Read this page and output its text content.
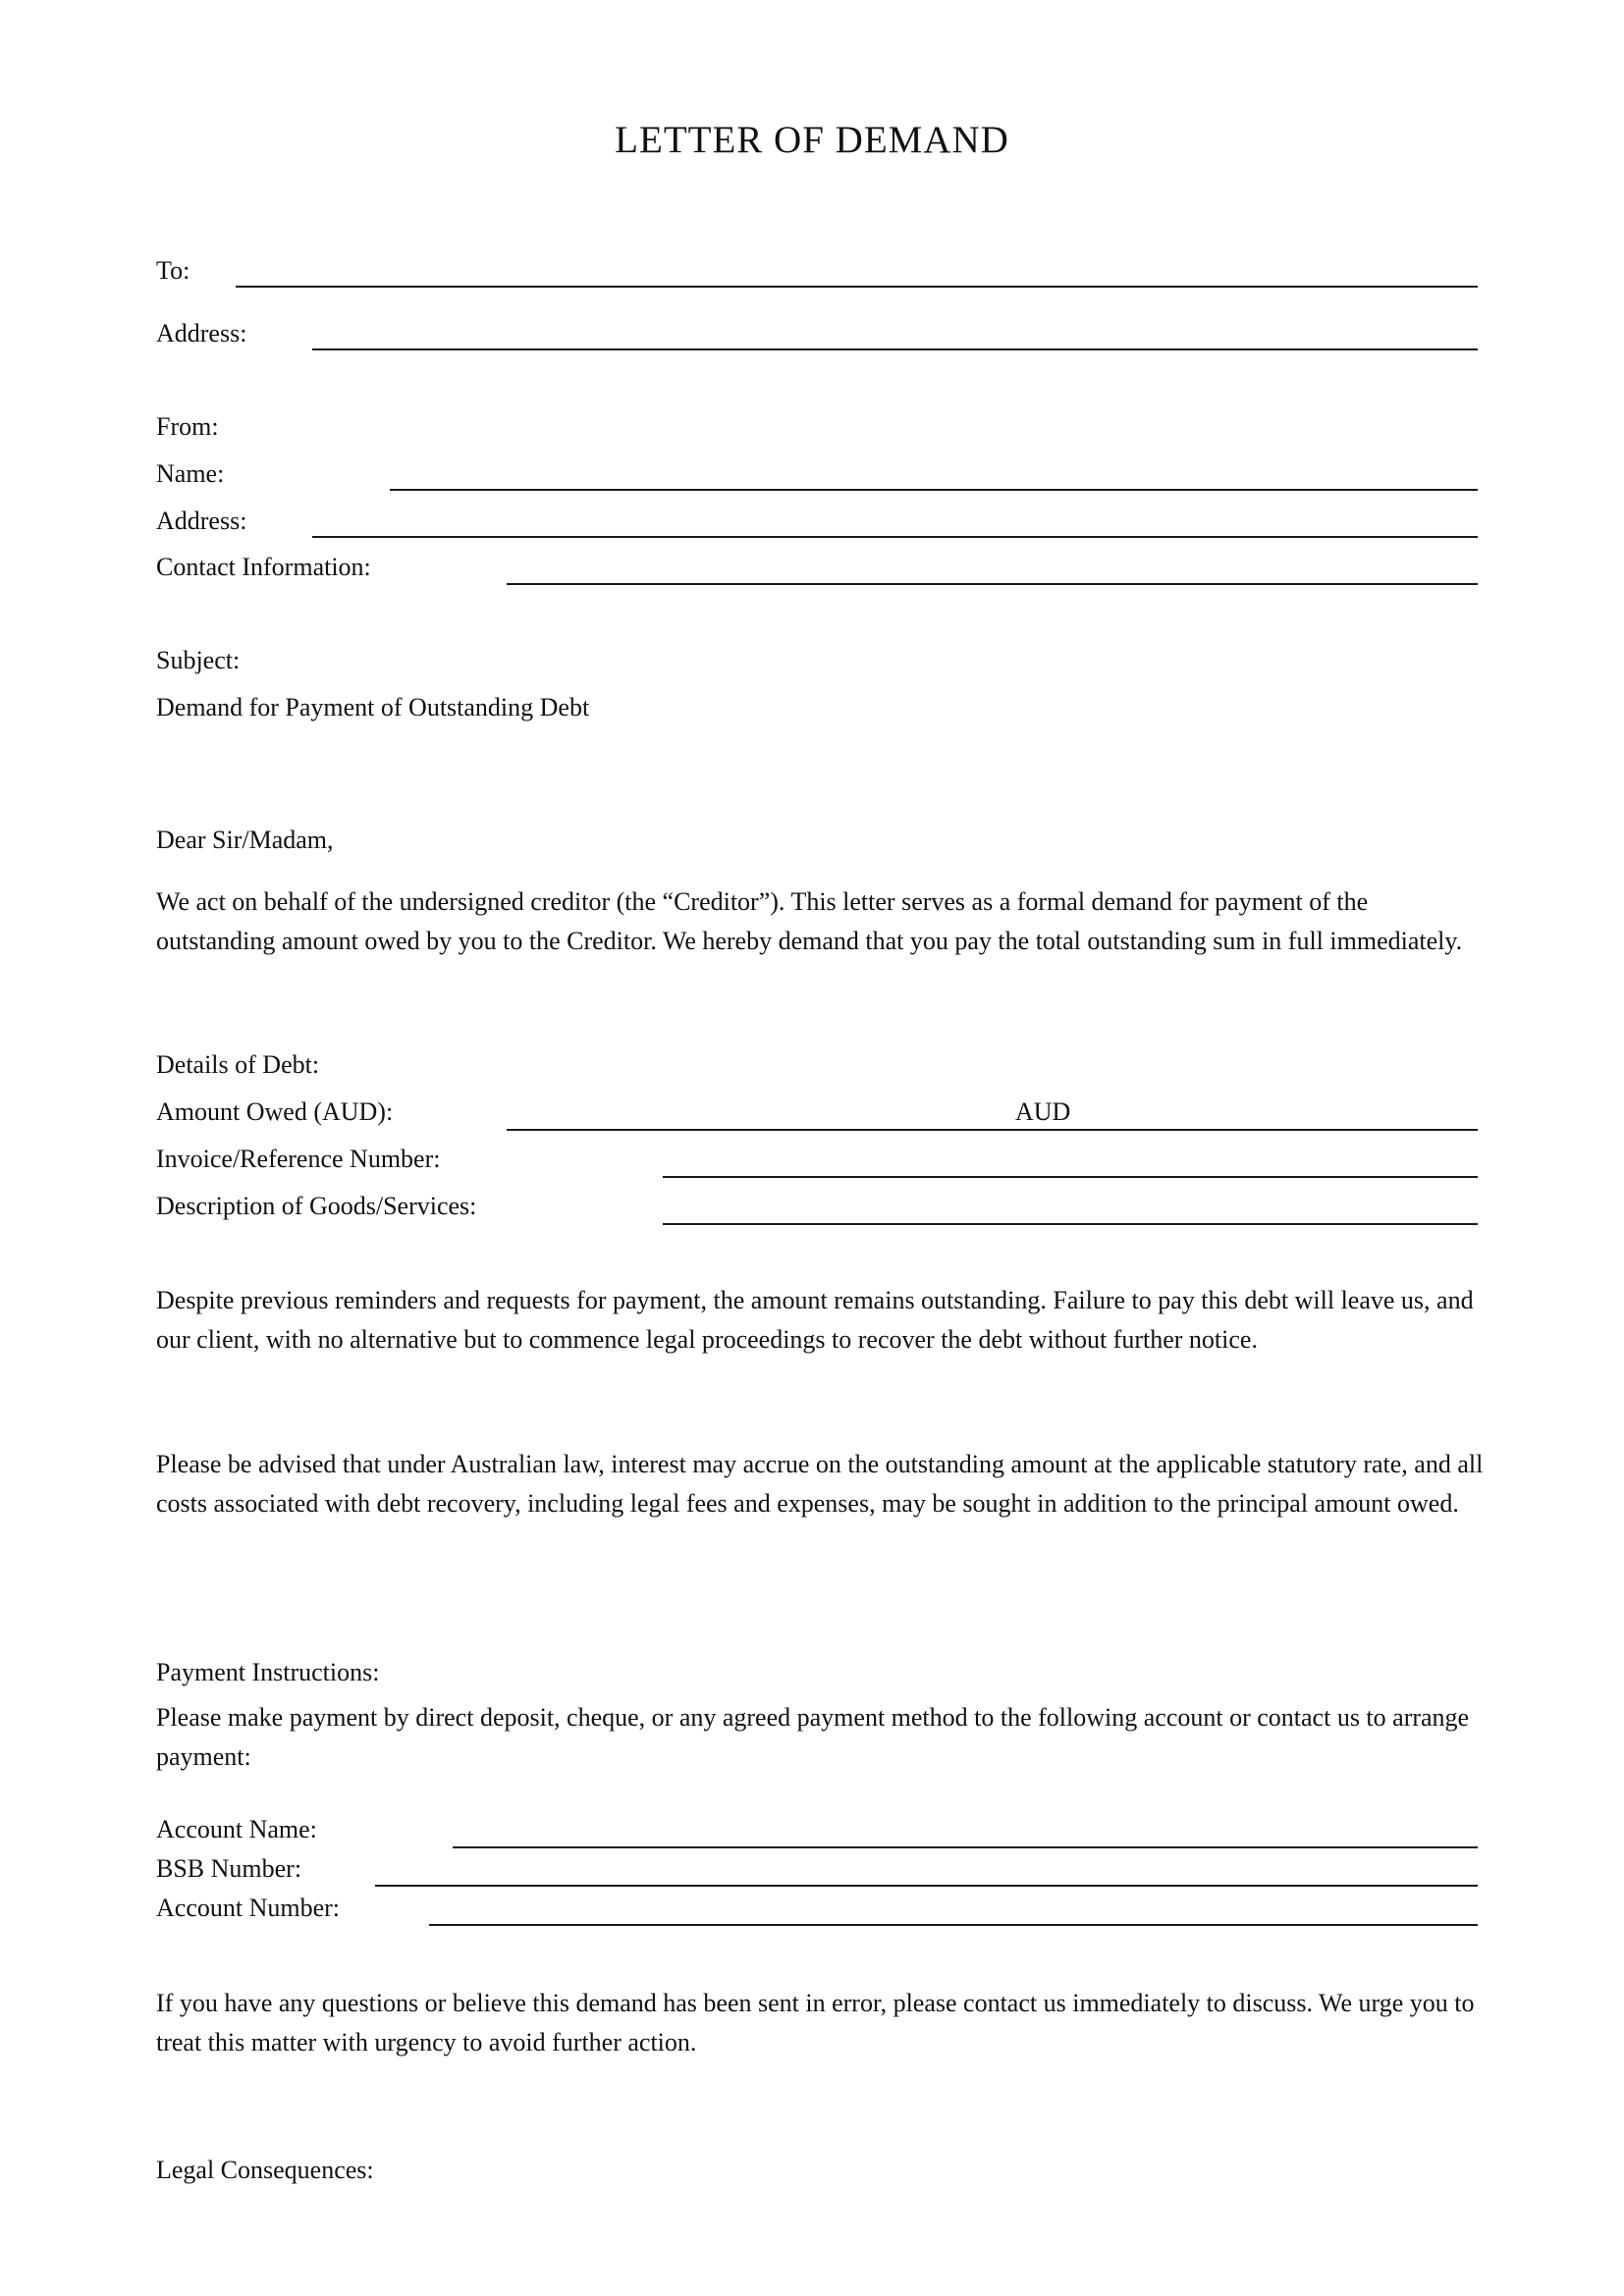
LETTER OF DEMAND
To:
Address:
From:
Name:
Address:
Contact Information:
Subject:
Demand for Payment of Outstanding Debt
Dear Sir/Madam,
We act on behalf of the undersigned creditor (the “Creditor”). This letter serves as a formal demand for payment of the outstanding amount owed by you to the Creditor. We hereby demand that you pay the total outstanding sum in full immediately.
Details of Debt:
Amount Owed (AUD):	AUD
Invoice/Reference Number:
Description of Goods/Services:
Despite previous reminders and requests for payment, the amount remains outstanding. Failure to pay this debt will leave us, and our client, with no alternative but to commence legal proceedings to recover the debt without further notice.
Please be advised that under Australian law, interest may accrue on the outstanding amount at the applicable statutory rate, and all costs associated with debt recovery, including legal fees and expenses, may be sought in addition to the principal amount owed.
Payment Instructions:
Please make payment by direct deposit, cheque, or any agreed payment method to the following account or contact us to arrange payment:
Account Name:
BSB Number:
Account Number:
If you have any questions or believe this demand has been sent in error, please contact us immediately to discuss. We urge you to treat this matter with urgency to avoid further action.
Legal Consequences:
